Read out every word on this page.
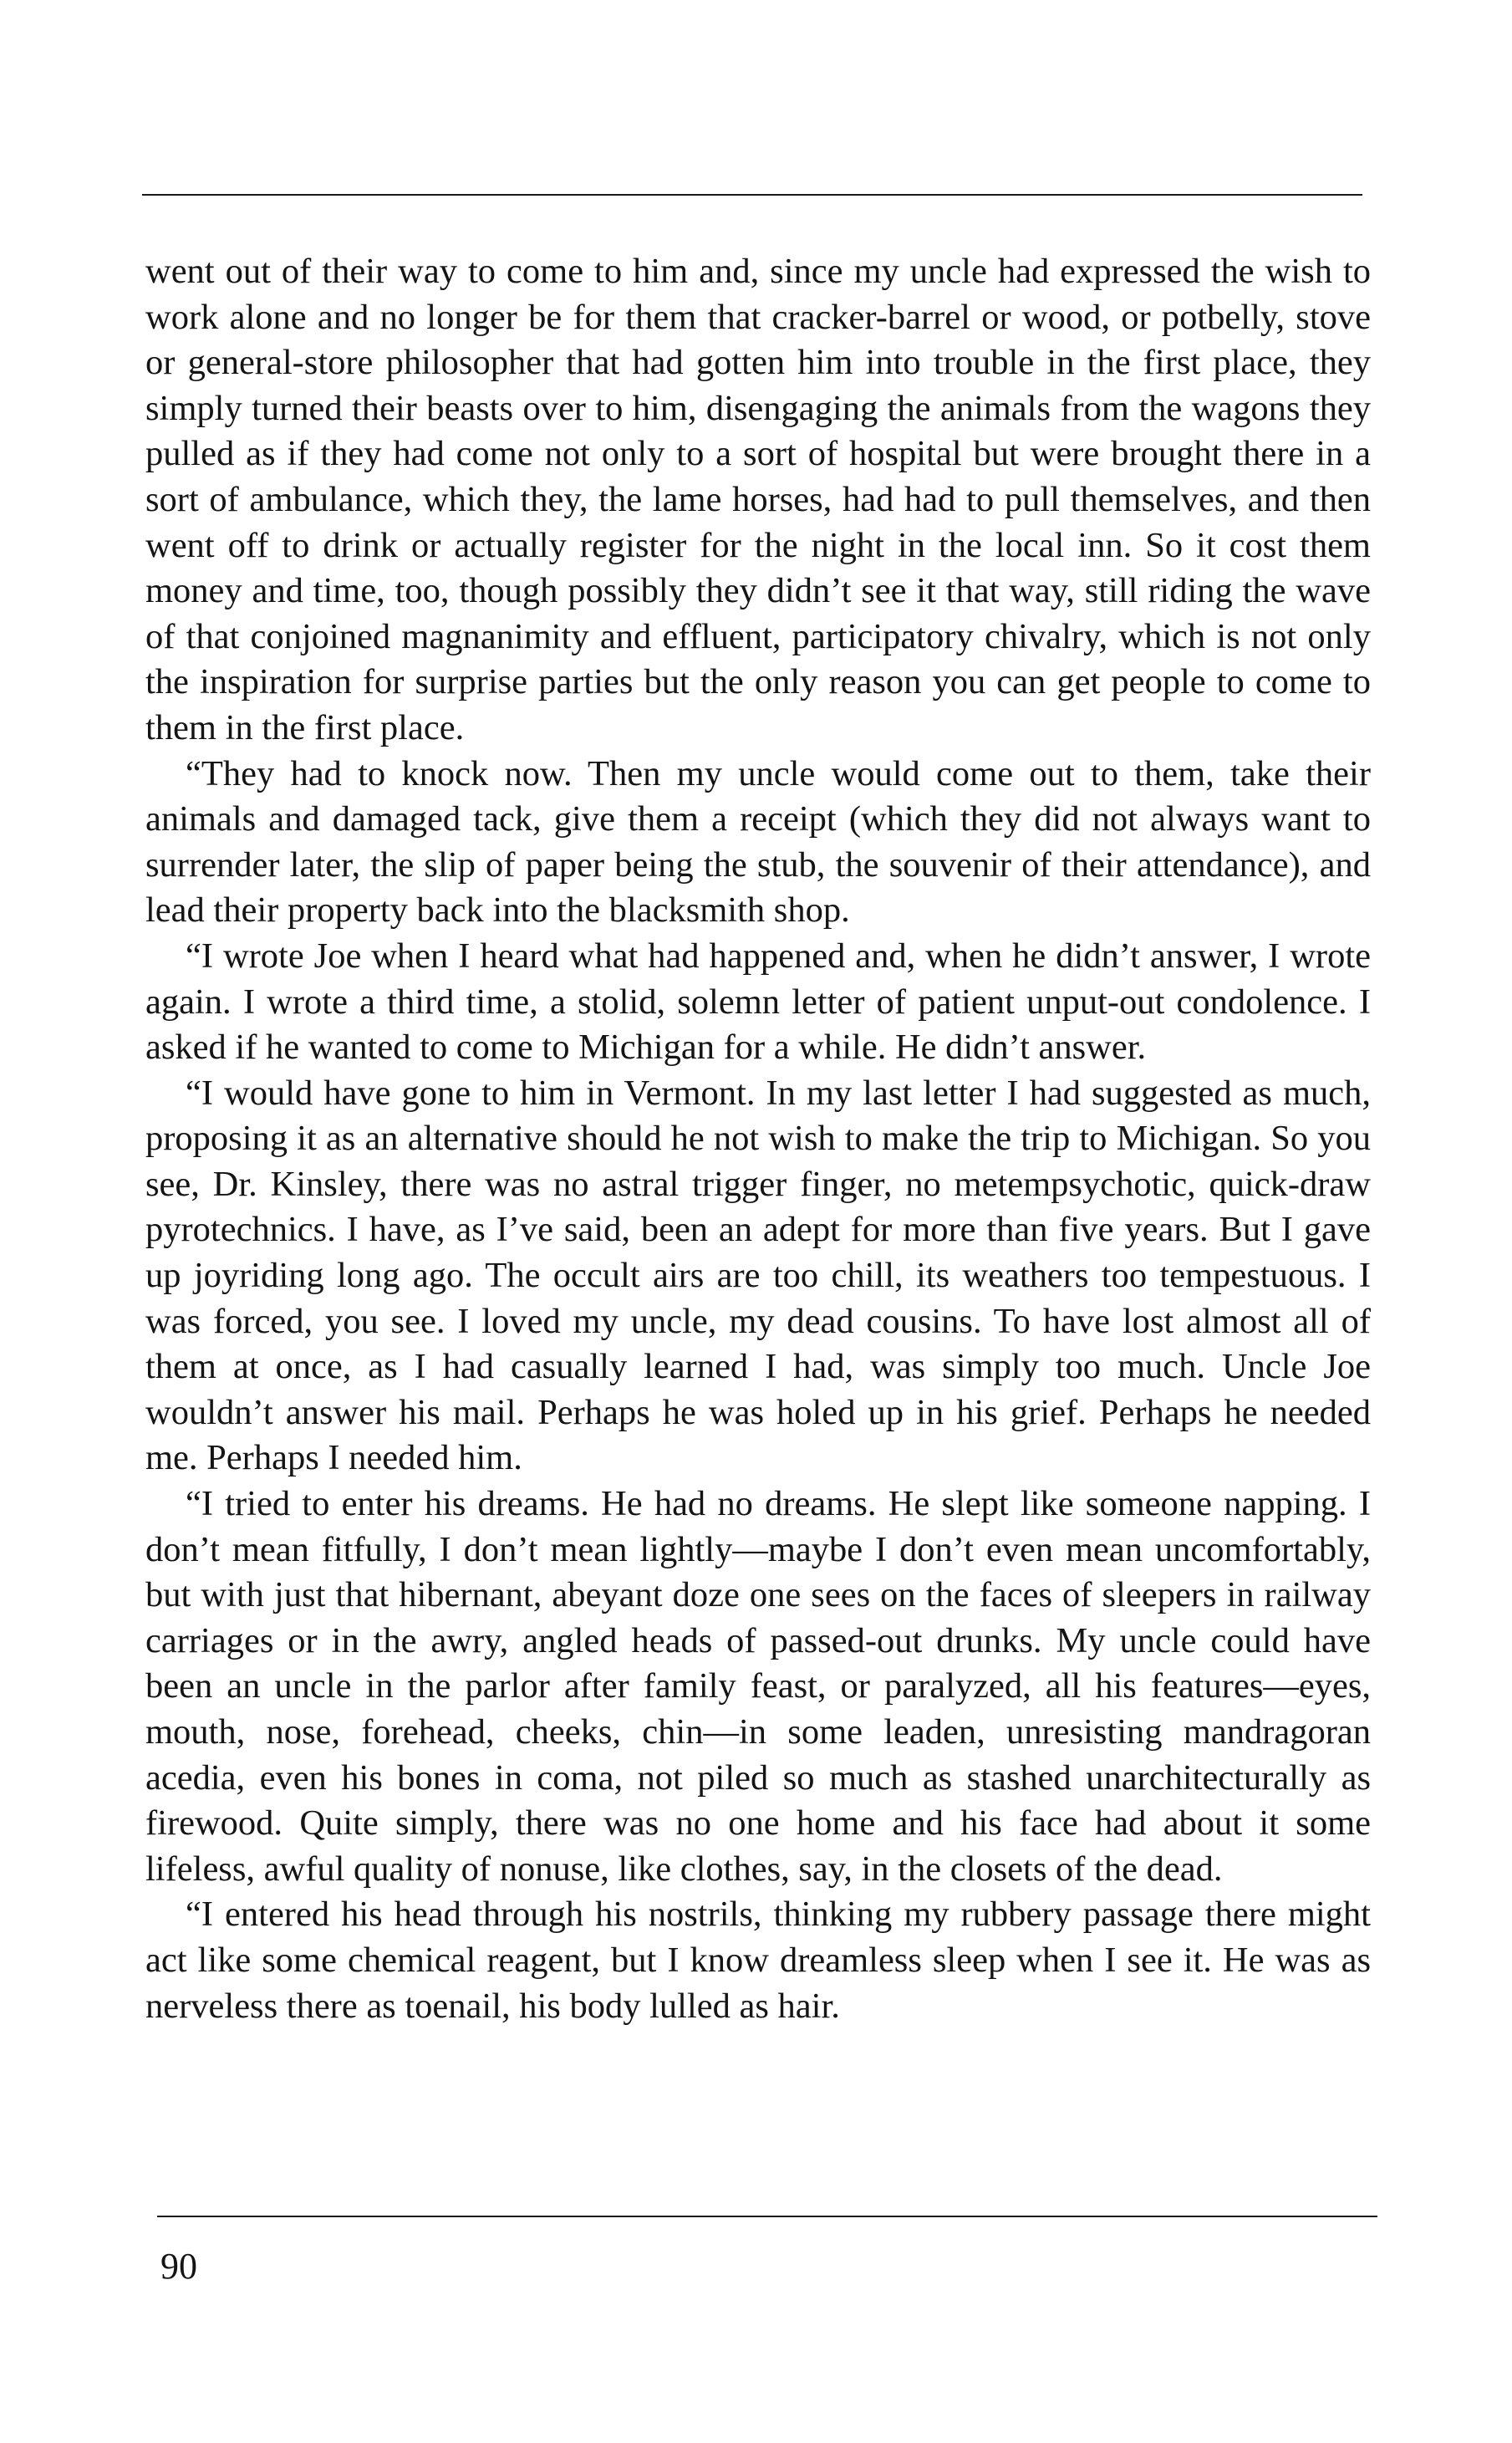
went out of their way to come to him and, since my uncle had expressed the wish to work alone and no longer be for them that cracker-barrel or wood, or potbelly, stove or general-store philosopher that had gotten him into trouble in the first place, they simply turned their beasts over to him, disengaging the animals from the wagons they pulled as if they had come not only to a sort of hospital but were brought there in a sort of ambulance, which they, the lame horses, had had to pull themselves, and then went off to drink or actually register for the night in the local inn. So it cost them money and time, too, though possibly they didn’t see it that way, still riding the wave of that conjoined magnanimity and effluent, participatory chivalry, which is not only the inspiration for surprise parties but the only reason you can get people to come to them in the first place.

“They had to knock now. Then my uncle would come out to them, take their animals and damaged tack, give them a receipt (which they did not always want to surrender later, the slip of paper being the stub, the souvenir of their attendance), and lead their property back into the blacksmith shop.

“I wrote Joe when I heard what had happened and, when he didn’t answer, I wrote again. I wrote a third time, a stolid, solemn letter of patient unput-out condolence. I asked if he wanted to come to Michigan for a while. He didn’t answer.

“I would have gone to him in Vermont. In my last letter I had suggested as much, proposing it as an alternative should he not wish to make the trip to Michigan. So you see, Dr. Kinsley, there was no astral trigger finger, no metempsychotic, quick-draw pyrotechnics. I have, as I’ve said, been an adept for more than five years. But I gave up joyriding long ago. The occult airs are too chill, its weathers too tempestuous. I was forced, you see. I loved my uncle, my dead cousins. To have lost almost all of them at once, as I had casually learned I had, was simply too much. Uncle Joe wouldn’t answer his mail. Perhaps he was holed up in his grief. Perhaps he needed me. Perhaps I needed him.

“I tried to enter his dreams. He had no dreams. He slept like someone napping. I don’t mean fitfully, I don’t mean lightly—maybe I don’t even mean uncomfortably, but with just that hibernant, abeyant doze one sees on the faces of sleepers in railway carriages or in the awry, angled heads of passed-out drunks. My uncle could have been an uncle in the parlor after family feast, or paralyzed, all his features—eyes, mouth, nose, forehead, cheeks, chin—in some leaden, unresisting mandragoran acedia, even his bones in coma, not piled so much as stashed unarchitecturally as firewood. Quite simply, there was no one home and his face had about it some lifeless, awful quality of nonuse, like clothes, say, in the closets of the dead.

“I entered his head through his nostrils, thinking my rubbery passage there might act like some chemical reagent, but I know dreamless sleep when I see it. He was as nerveless there as toenail, his body lulled as hair.

90
